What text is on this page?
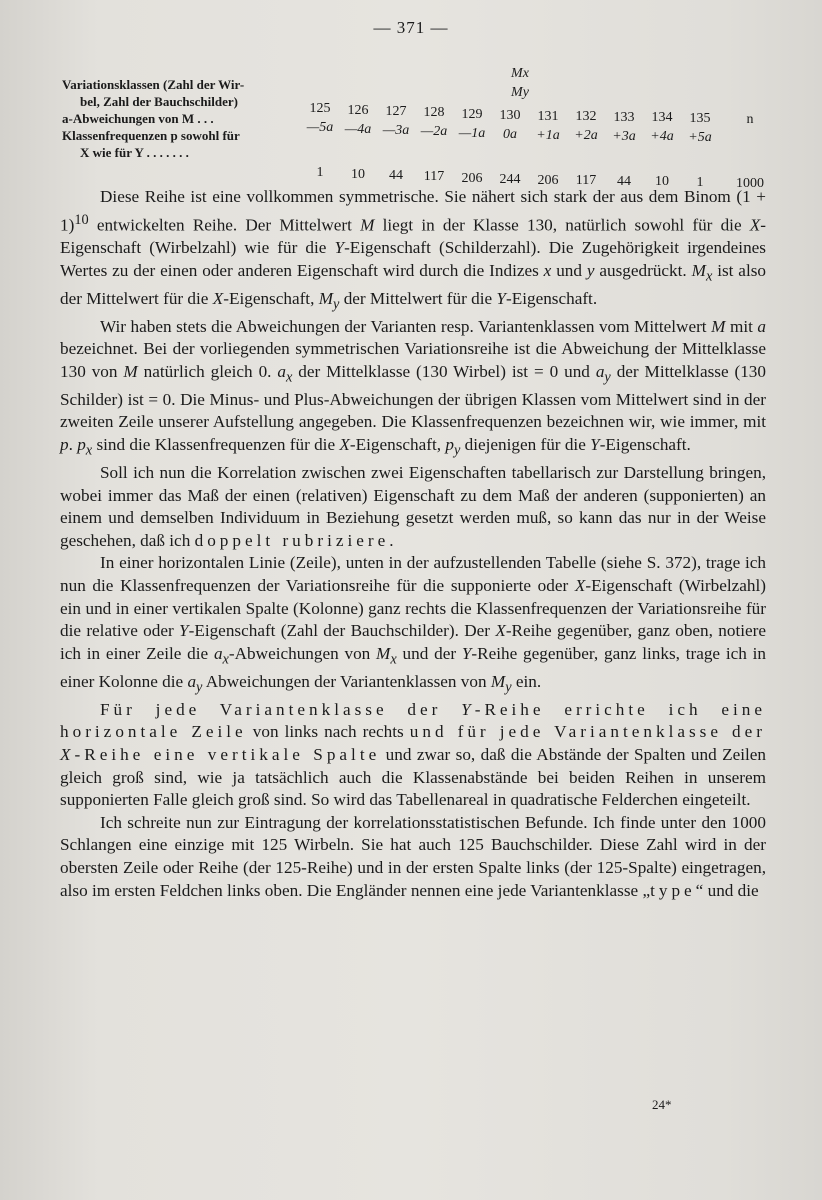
— 371 —
Variationsklassen (Zahl der Wir-
bel, Zahl der Bauchschilder)
a-Abweichungen von M . . .
Klassenfrequenzen p sowohl für
X wie für Y . . . . . . .
Mx
My
125	126	127	128	129	130	131	132	133	134	135	n
—5a —4a —3a —2a —1a	0a	+1a	+2a	+3a	+4a	+5a
1	10	44	117	206	244	206	117	44	10	1	1000

Diese Reihe ist eine vollkommen symmetrische. Sie nähert sich stark der aus dem Binom $(1 + 1)^{10}$ entwickelten Reihe. Der Mittelwert M liegt in der Klasse 130, natürlich sowohl für die X-Eigenschaft (Wirbelzahl) wie für die Y-Eigenschaft (Schilderzahl). Die Zugehörigkeit irgendeines Wertes zu der einen oder anderen Eigenschaft wird durch die Indizes x und y ausgedrückt. $M_x$ ist also der Mittelwert für die X-Eigenschaft, $M_y$ der Mittelwert für die Y-Eigenschaft.

Wir haben stets die Abweichungen der Varianten resp. Variantenklassen vom Mittelwert M mit a bezeichnet. Bei der vorliegenden symmetrischen Variationsreihe ist die Abweichung der Mittelklasse 130 von M natürlich gleich 0. $a_x$ der Mittelklasse (130 Wirbel) ist = 0 und $a_y$ der Mittelklasse (130 Schilder) ist = 0. Die Minus- und Plus-Abweichungen der übrigen Klassen vom Mittelwert sind in der zweiten Zeile unserer Aufstellung angegeben. Die Klassenfrequenzen bezeichnen wir, wie immer, mit p. $p_x$ sind die Klassenfrequenzen für die X-Eigenschaft, $p_y$ diejenigen für die Y-Eigenschaft.

Soll ich nun die Korrelation zwischen zwei Eigenschaften tabellarisch zur Darstellung bringen, wobei immer das Maß der einen (relativen) Eigenschaft zu dem Maß der anderen (supponierten) an einem und demselben Individuum in Beziehung gesetzt werden muß, so kann das nur in der Weise geschehen, daß ich doppelt rubriziere.

In einer horizontalen Linie (Zeile), unten in der aufzustellenden Tabelle (siehe S. 372), trage ich nun die Klassenfrequenzen der Variationsreihe für die supponierte oder X-Eigenschaft (Wirbelzahl) ein und in einer vertikalen Spalte (Kolonne) ganz rechts die Klassenfrequenzen der Variationsreihe für die relative oder Y-Eigenschaft (Zahl der Bauchschilder). Der X-Reihe gegenüber, ganz oben, notiere ich in einer Zeile die $a_x$-Abweichungen von $M_x$ und der Y-Reihe gegenüber, ganz links, trage ich in einer Kolonne die $a_y$ Abweichungen der Variantenklassen von $M_y$ ein.

Für jede Variantenklasse der Y-Reihe errichte ich eine horizontale Zeile von links nach rechts und für jede Variantenklasse der X-Reihe eine vertikale Spalte und zwar so, daß die Abstände der Spalten und Zeilen gleich groß sind, wie ja tatsächlich auch die Klassenabstände bei beiden Reihen in unserem supponierten Falle gleich groß sind. So wird das Tabellenareal in quadratische Felderchen eingeteilt.

Ich schreite nun zur Eintragung der korrelationsstatistischen Befunde. Ich finde unter den 1000 Schlangen eine einzige mit 125 Wirbeln. Sie hat auch 125 Bauchschilder. Diese Zahl wird in der obersten Zeile oder Reihe (der 125-Reihe) und in der ersten Spalte links (der 125-Spalte) eingetragen, also im ersten Feldchen links oben. Die Engländer nennen eine jede Variantenklasse „type“ und die

24*
